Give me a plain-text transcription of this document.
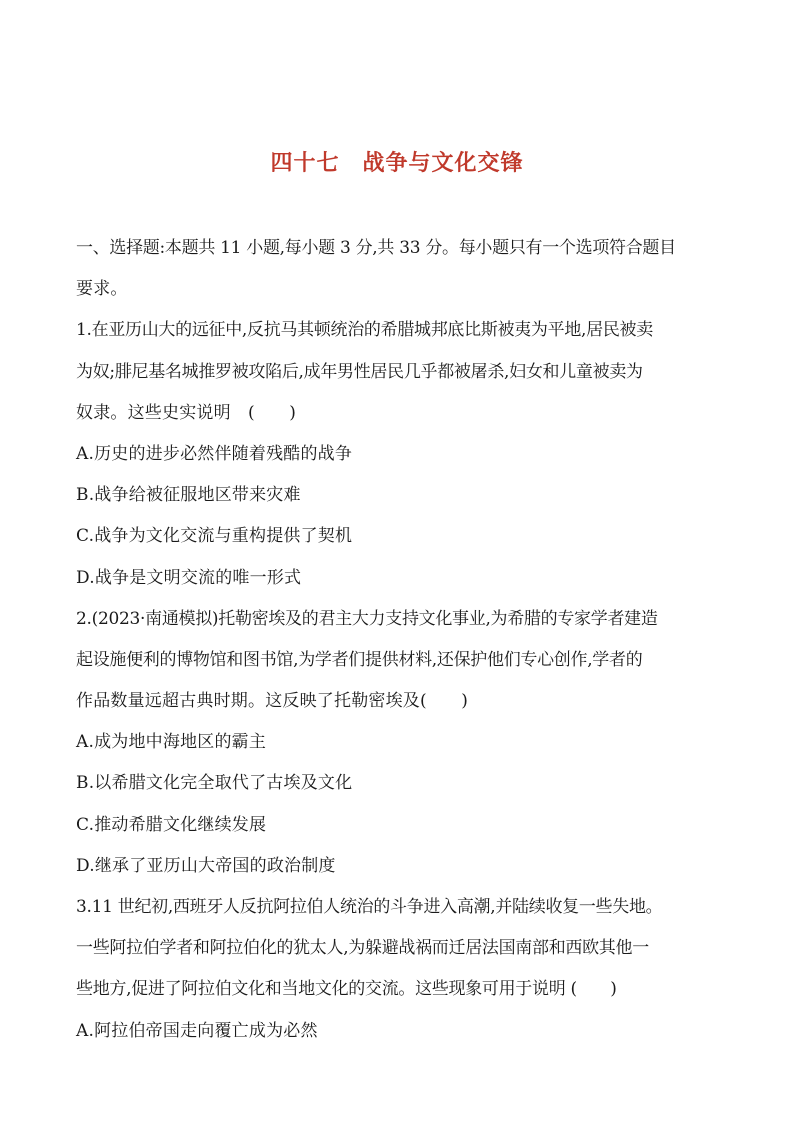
四十七　战争与文化交锋
一、选择题:本题共 11 小题,每小题 3 分,共 33 分。每小题只有一个选项符合题目
要求。
1.在亚历山大的远征中,反抗马其顿统治的希腊城邦底比斯被夷为平地,居民被卖
为奴;腓尼基名城推罗被攻陷后,成年男性居民几乎都被屠杀,妇女和儿童被卖为
奴隶。这些史实说明　(　　)
A.历史的进步必然伴随着残酷的战争
B.战争给被征服地区带来灾难
C.战争为文化交流与重构提供了契机
D.战争是文明交流的唯一形式
2.(2023·南通模拟)托勒密埃及的君主大力支持文化事业,为希腊的专家学者建造
起设施便利的博物馆和图书馆,为学者们提供材料,还保护他们专心创作,学者的
作品数量远超古典时期。这反映了托勒密埃及(　　)
A.成为地中海地区的霸主
B.以希腊文化完全取代了古埃及文化
C.推动希腊文化继续发展
D.继承了亚历山大帝国的政治制度
3.11 世纪初,西班牙人反抗阿拉伯人统治的斗争进入高潮,并陆续收复一些失地。
一些阿拉伯学者和阿拉伯化的犹太人,为躲避战祸而迁居法国南部和西欧其他一
些地方,促进了阿拉伯文化和当地文化的交流。这些现象可用于说明 (　　)
A.阿拉伯帝国走向覆亡成为必然
